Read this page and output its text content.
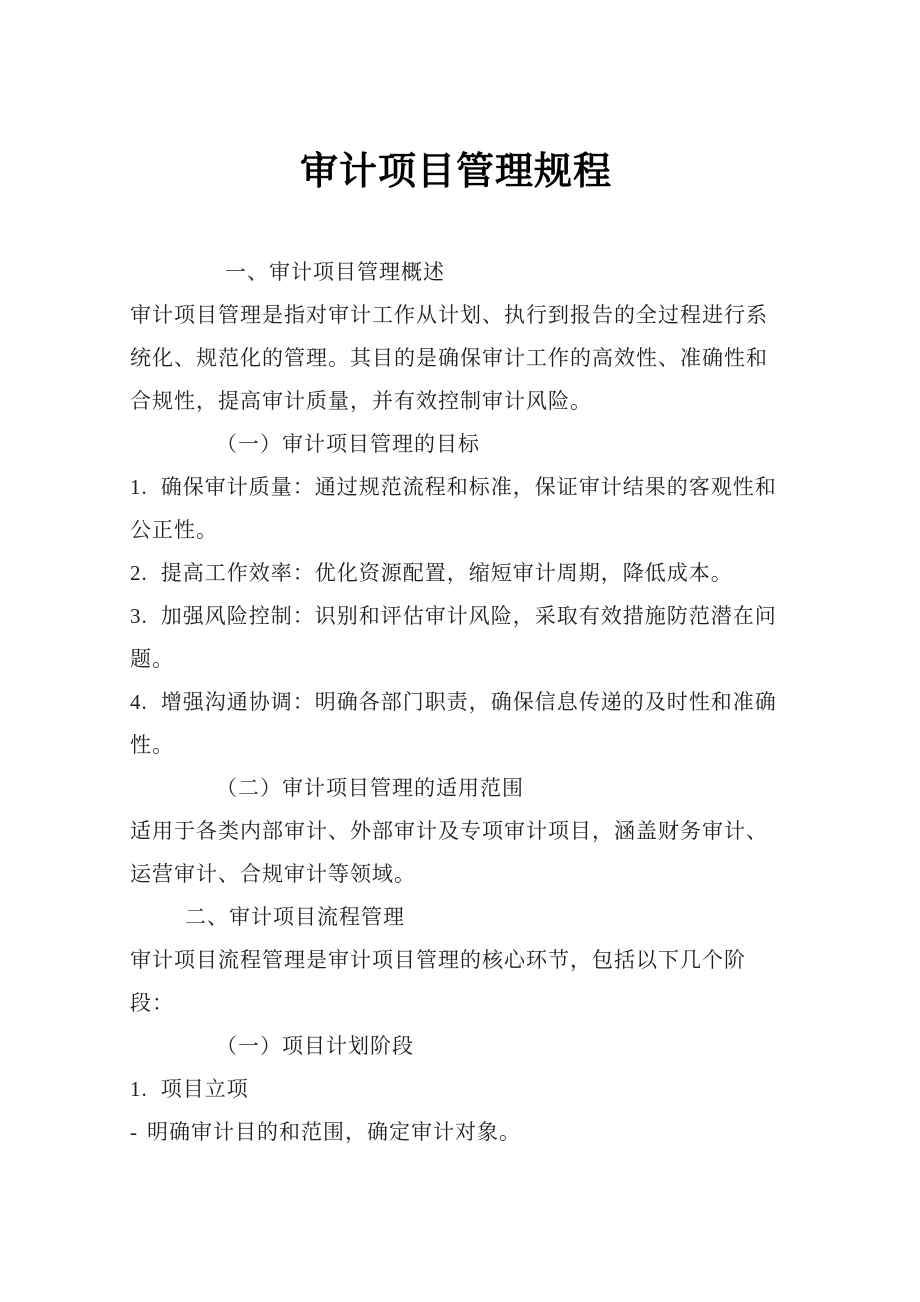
审计项目管理规程
一、审计项目管理概述
审计项目管理是指对审计工作从计划、执行到报告的全过程进行系统化、规范化的管理。其目的是确保审计工作的高效性、准确性和合规性，提高审计质量，并有效控制审计风险。
（一）审计项目管理的目标
1. 确保审计质量：通过规范流程和标准，保证审计结果的客观性和公正性。
2. 提高工作效率：优化资源配置，缩短审计周期，降低成本。
3. 加强风险控制：识别和评估审计风险，采取有效措施防范潜在问题。
4. 增强沟通协调：明确各部门职责，确保信息传递的及时性和准确性。
（二）审计项目管理的适用范围
适用于各类内部审计、外部审计及专项审计项目，涵盖财务审计、运营审计、合规审计等领域。
二、审计项目流程管理
审计项目流程管理是审计项目管理的核心环节，包括以下几个阶段：
（一）项目计划阶段
1. 项目立项
- 明确审计目的和范围，确定审计对象。
